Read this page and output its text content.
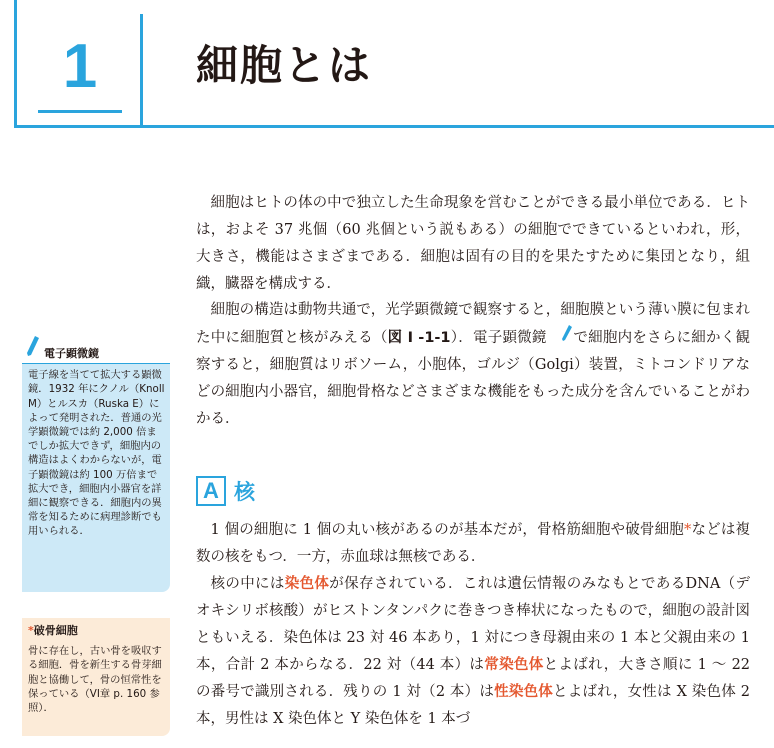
1	細胞とは

細胞はヒトの体の中で独立した生命現象を営むことができる最小単位である．ヒトは，およそ 37 兆個（60 兆個という説もある）の細胞でできているといわれ，形，大きさ，機能はさまざまである．細胞は固有の目的を果たすために集団となり，組織，臓器を構成する．

細胞の構造は動物共通で，光学顕微鏡で観察すると，細胞膜という薄い膜に包まれた中に細胞質と核がみえる（図 I -1-1）．電子顕微鏡 で細胞内をさらに細かく観察すると，細胞質はリボソーム，小胞体，ゴルジ（Golgi）装置，ミトコンドリアなどの細胞内小器官，細胞骨格などさまざまな機能をもった成分を含んでいることがわかる．

A 核

1 個の細胞に 1 個の丸い核があるのが基本だが，骨格筋細胞や破骨細胞*などは複数の核をもつ．一方，赤血球は無核である．

核の中には染色体が保存されている．これは遺伝情報のみなもとであるDNA（デオキシリボ核酸）がヒストンタンパクに巻きつき棒状になったもので，細胞の設計図ともいえる．染色体は 23 対 46 本あり，1 対につき母親由来の 1 本と父親由来の 1 本，合計 2 本からなる．22 対（44 本）は常染色体とよばれ，大きさ順に 1 ～ 22 の番号で識別される．残りの 1 対（2 本）は性染色体とよばれ，女性は X 染色体 2 本，男性は X 染色体と Y 染色体を 1 本づ

電子顕微鏡
電子線を当てて拡大する顕微鏡．1932 年にクノル（Knoll M）とルスカ（Ruska E）によって発明された．普通の光学顕微鏡では約 2,000 倍までしか拡大できず，細胞内の構造はよくわからないが，電子顕微鏡は約 100 万倍まで拡大でき，細胞内小器官を詳細に観察できる．細胞内の異常を知るために病理診断でも用いられる．
*破骨細胞
骨に存在し，古い骨を吸収する細胞．骨を新生する骨芽細胞と協働して，骨の恒常性を保っている（VI章 p. 160 参照）．
